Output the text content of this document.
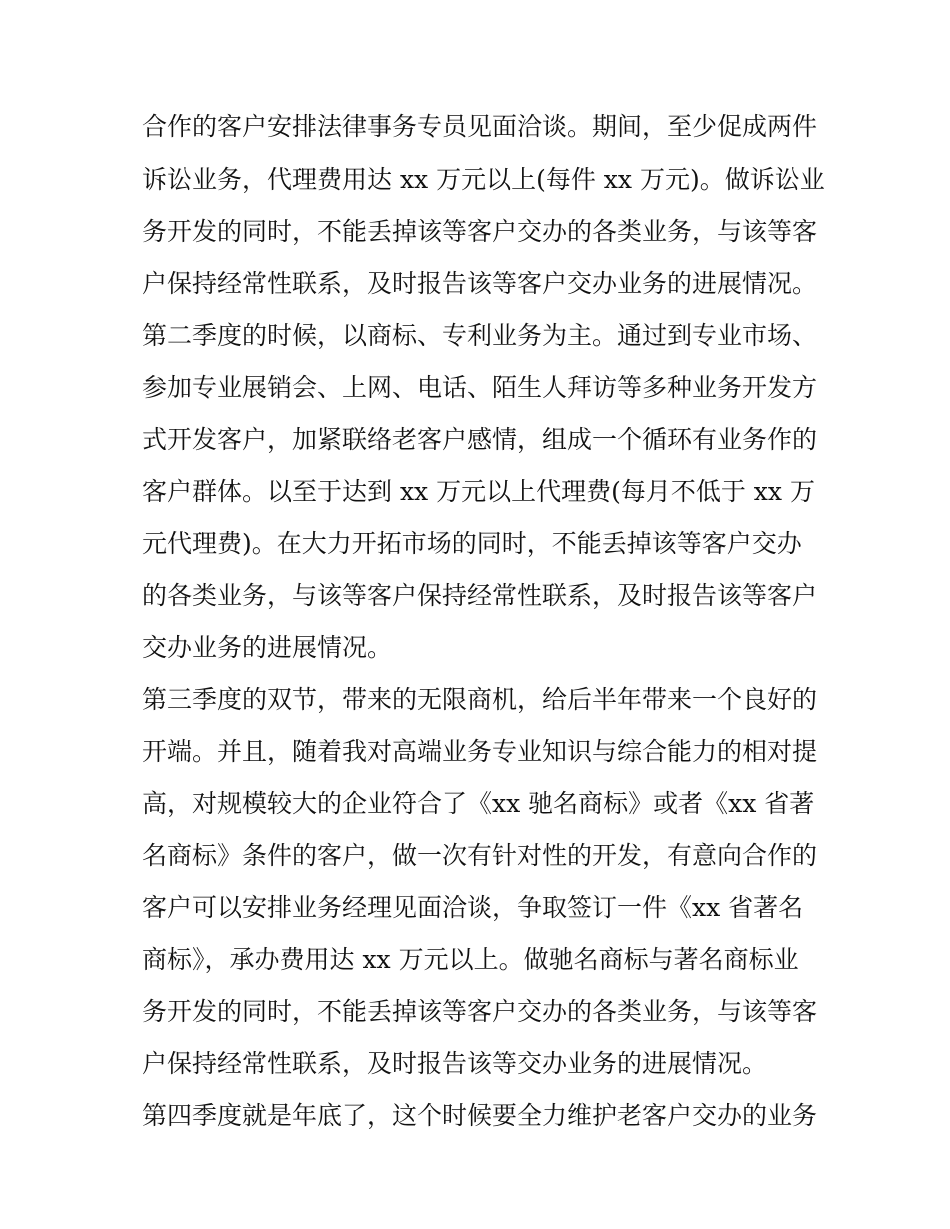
合作的客户安排法律事务专员见面洽谈。期间，至少促成两件
诉讼业务，代理费用达 xx 万元以上(每件 xx 万元)。做诉讼业
务开发的同时，不能丢掉该等客户交办的各类业务，与该等客
户保持经常性联系，及时报告该等客户交办业务的进展情况。
第二季度的时候，以商标、专利业务为主。通过到专业市场、
参加专业展销会、上网、电话、陌生人拜访等多种业务开发方
式开发客户，加紧联络老客户感情，组成一个循环有业务作的
客户群体。以至于达到 xx 万元以上代理费(每月不低于 xx 万
元代理费)。在大力开拓市场的同时，不能丢掉该等客户交办
的各类业务，与该等客户保持经常性联系，及时报告该等客户
交办业务的进展情况。
第三季度的双节，带来的无限商机，给后半年带来一个良好的
开端。并且，随着我对高端业务专业知识与综合能力的相对提
高，对规模较大的企业符合了《xx 驰名商标》或者《xx 省著
名商标》条件的客户，做一次有针对性的开发，有意向合作的
客户可以安排业务经理见面洽谈，争取签订一件《xx 省著名
商标》，承办费用达 xx 万元以上。做驰名商标与著名商标业
务开发的同时，不能丢掉该等客户交办的各类业务，与该等客
户保持经常性联系，及时报告该等交办业务的进展情况。
第四季度就是年底了，这个时候要全力维护老客户交办的业务
